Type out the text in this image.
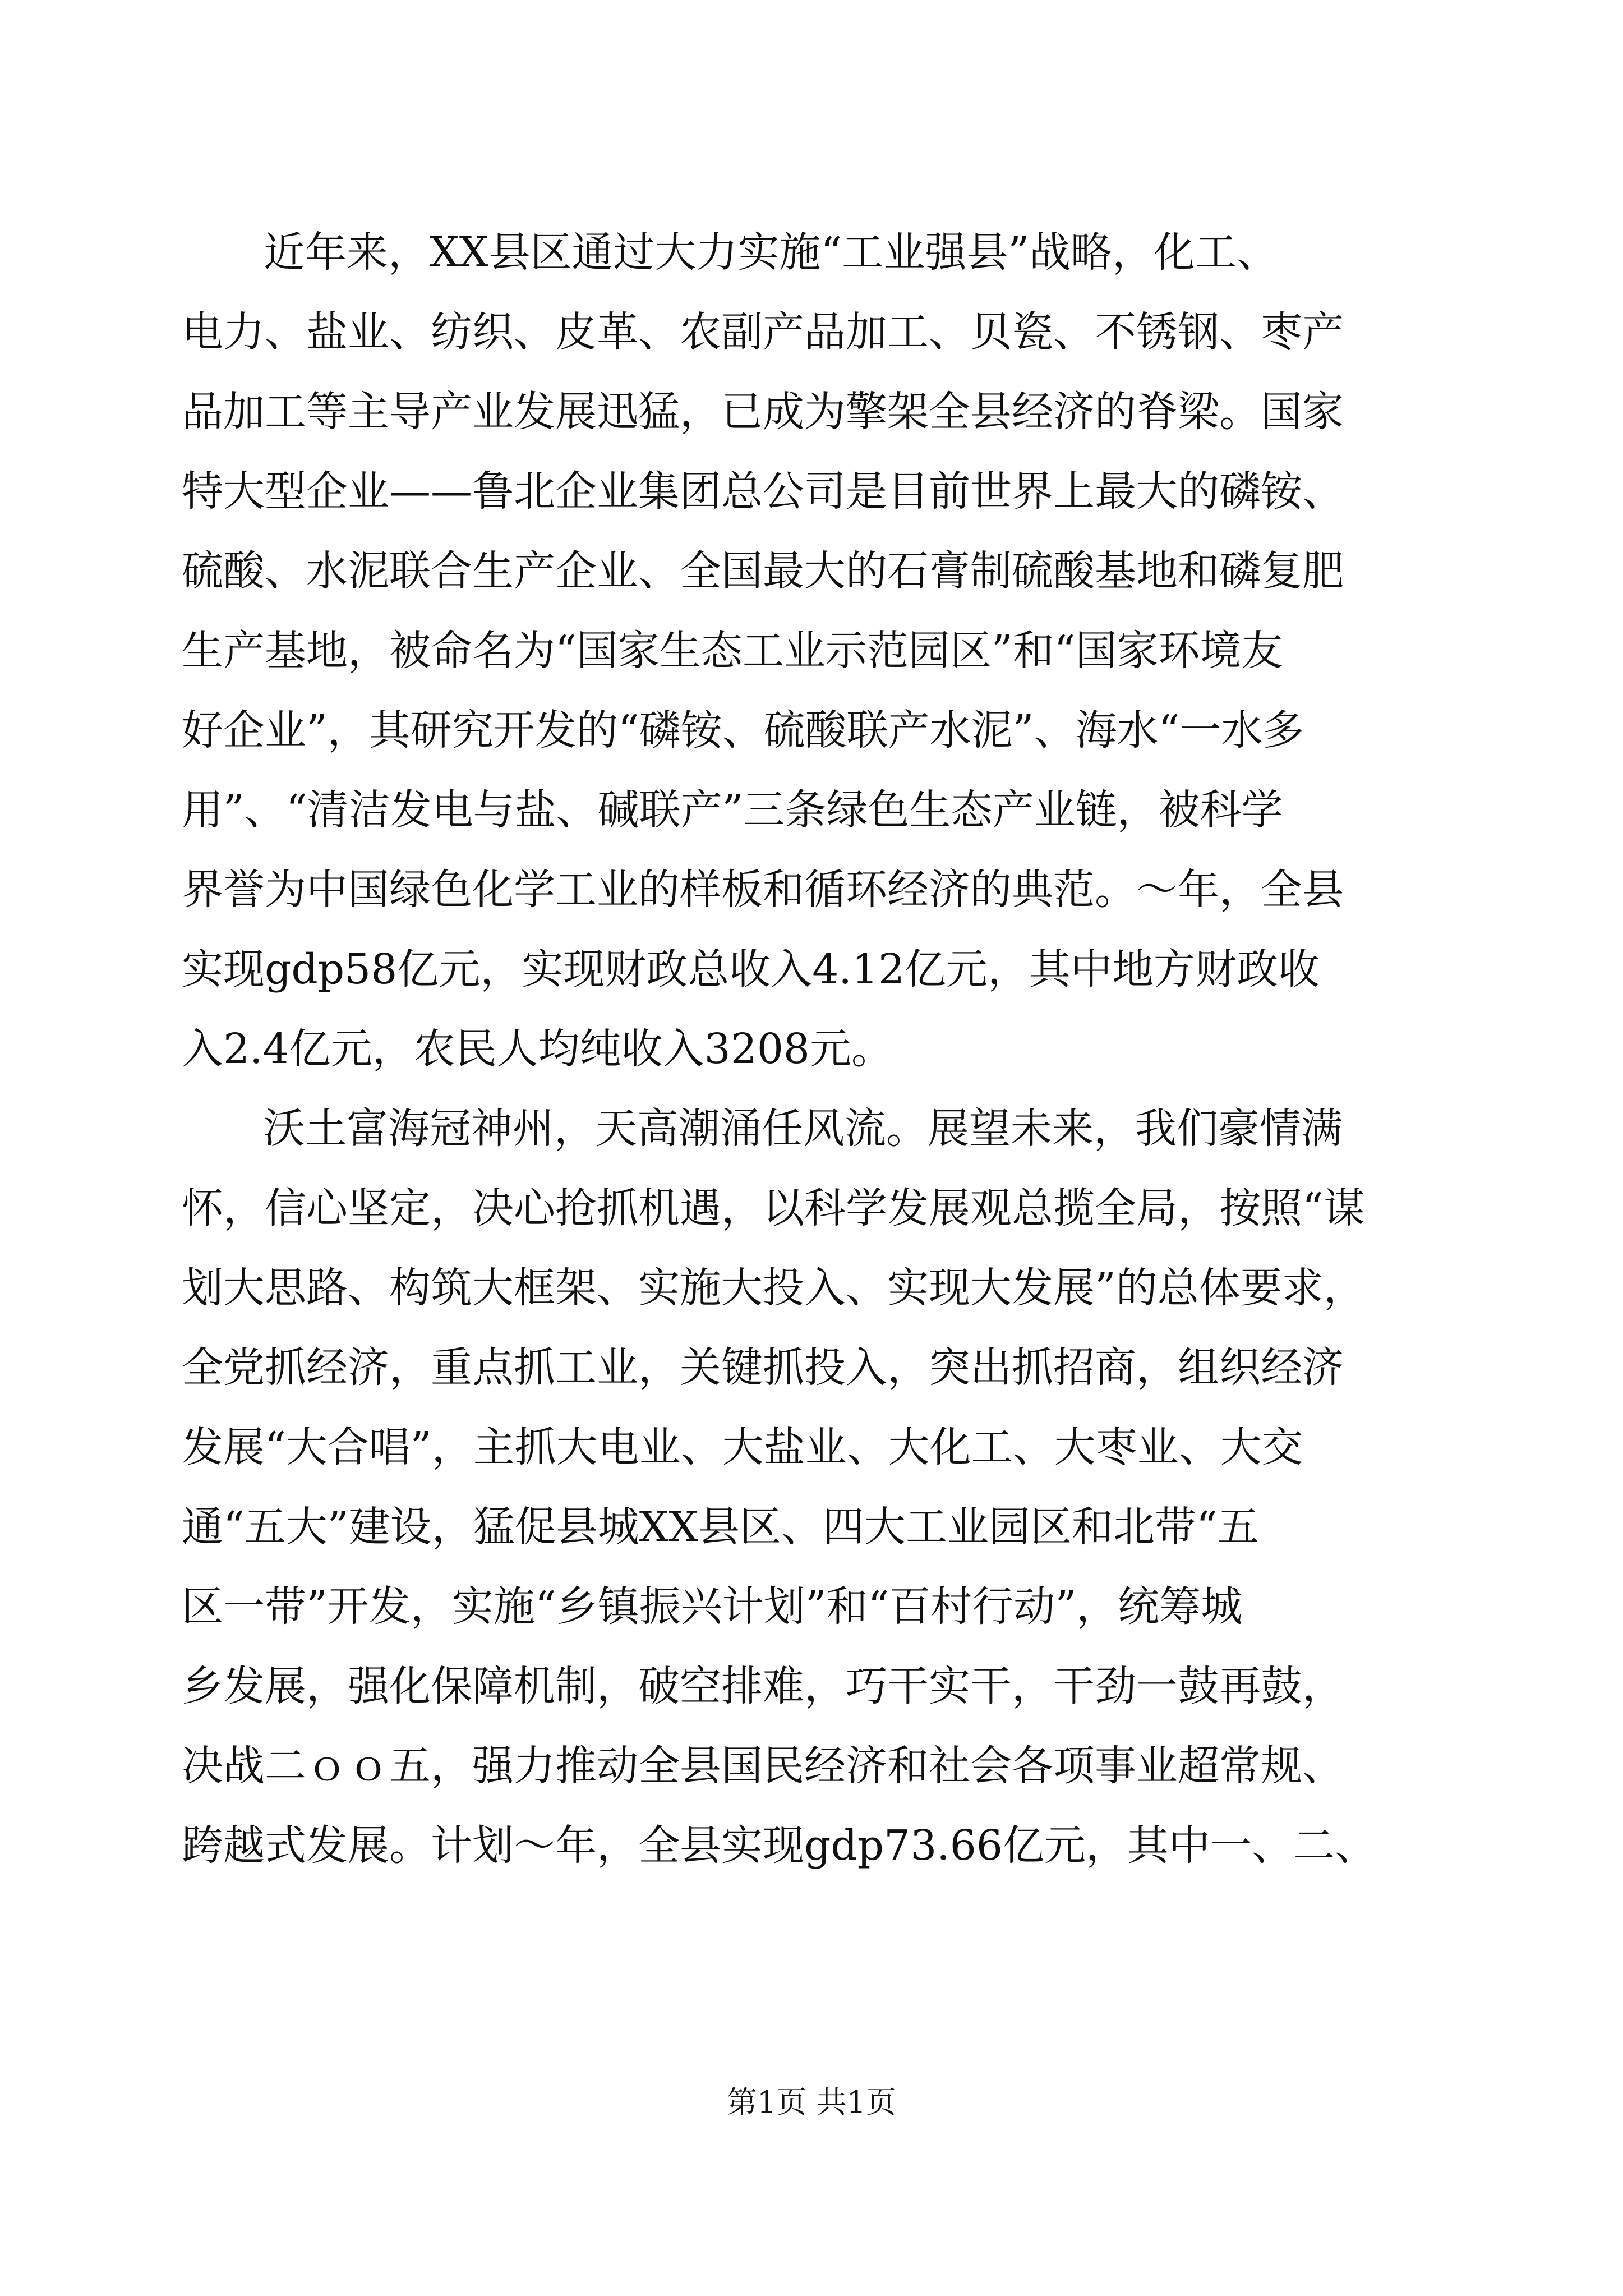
近年来，XX县区通过大力实施“工业强县”战略，化工、
电力、盐业、纺织、皮革、农副产品加工、贝瓷、不锈钢、枣产
品加工等主导产业发展迅猛，已成为擎架全县经济的脊梁。国家
特大型企业——鲁北企业集团总公司是目前世界上最大的磷铵、
硫酸、水泥联合生产企业、全国最大的石膏制硫酸基地和磷复肥
生产基地，被命名为“国家生态工业示范园区”和“国家环境友
好企业”，其研究开发的“磷铵、硫酸联产水泥”、海水“一水多
用”、“清洁发电与盐、碱联产”三条绿色生态产业链，被科学
界誉为中国绿色化学工业的样板和循环经济的典范。～年，全县
实现gdp58亿元，实现财政总收入4.12亿元，其中地方财政收
入2.4亿元，农民人均纯收入3208元。
沃土富海冠神州，天高潮涌任风流。展望未来，我们豪情满
怀，信心坚定，决心抢抓机遇，以科学发展观总揽全局，按照“谋
划大思路、构筑大框架、实施大投入、实现大发展”的总体要求，
全党抓经济，重点抓工业，关键抓投入，突出抓招商，组织经济
发展“大合唱”，主抓大电业、大盐业、大化工、大枣业、大交
通“五大”建设，猛促县城XX县区、四大工业园区和北带“五
区一带”开发，实施“乡镇振兴计划”和“百村行动”，统筹城
乡发展，强化保障机制，破空排难，巧干实干，干劲一鼓再鼓，
决战二ｏｏ五，强力推动全县国民经济和社会各项事业超常规、
跨越式发展。计划～年，全县实现gdp73.66亿元，其中一、二、
第1页 共1页
